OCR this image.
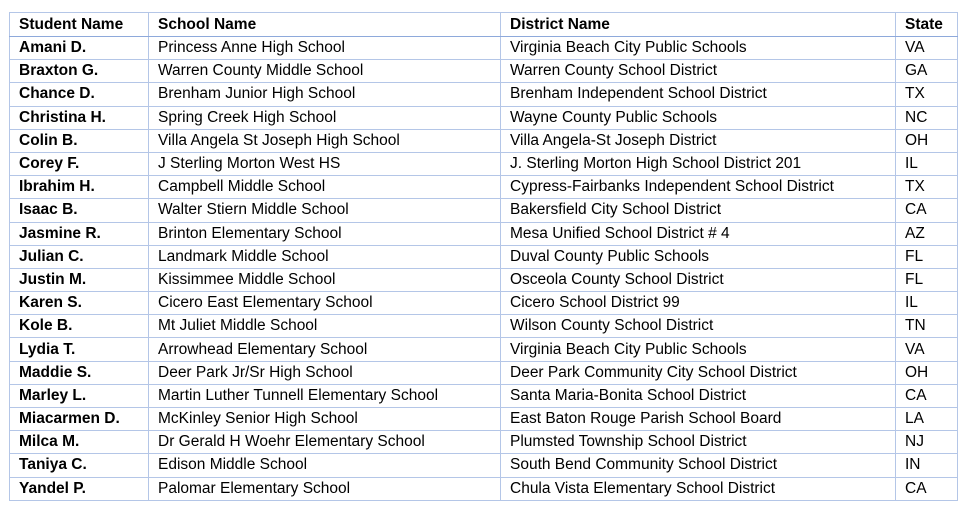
Student Name	School Name	District Name	State
Amani D.	Princess Anne High School	Virginia Beach City Public Schools	VA
Braxton G.	Warren County Middle School	Warren County School District	GA
Chance D.	Brenham Junior High School	Brenham Independent School District	TX
Christina H.	Spring Creek High School	Wayne County Public Schools	NC
Colin B.	Villa Angela St Joseph High School	Villa Angela-St Joseph District	OH
Corey F.	J Sterling Morton West HS	J. Sterling Morton High School District 201	IL
Ibrahim H.	Campbell Middle School	Cypress-Fairbanks Independent School District	TX
Isaac B.	Walter Stiern Middle School	Bakersfield City School District	CA
Jasmine R.	Brinton Elementary School	Mesa Unified School District # 4	AZ
Julian C.	Landmark Middle School	Duval County Public Schools	FL
Justin M.	Kissimmee Middle School	Osceola County School District	FL
Karen S.	Cicero East Elementary School	Cicero School District 99	IL
Kole B.	Mt Juliet Middle School	Wilson County School District	TN
Lydia T.	Arrowhead Elementary School	Virginia Beach City Public Schools	VA
Maddie S.	Deer Park Jr/Sr High School	Deer Park Community City School District	OH
Marley L.	Martin Luther Tunnell Elementary School	Santa Maria-Bonita School District	CA
Miacarmen D.	McKinley Senior High School	East Baton Rouge Parish School Board	LA
Milca M.	Dr Gerald H Woehr Elementary School	Plumsted Township School District	NJ
Taniya C.	Edison Middle School	South Bend Community School District	IN
Yandel P.	Palomar Elementary School	Chula Vista Elementary School District	CA
